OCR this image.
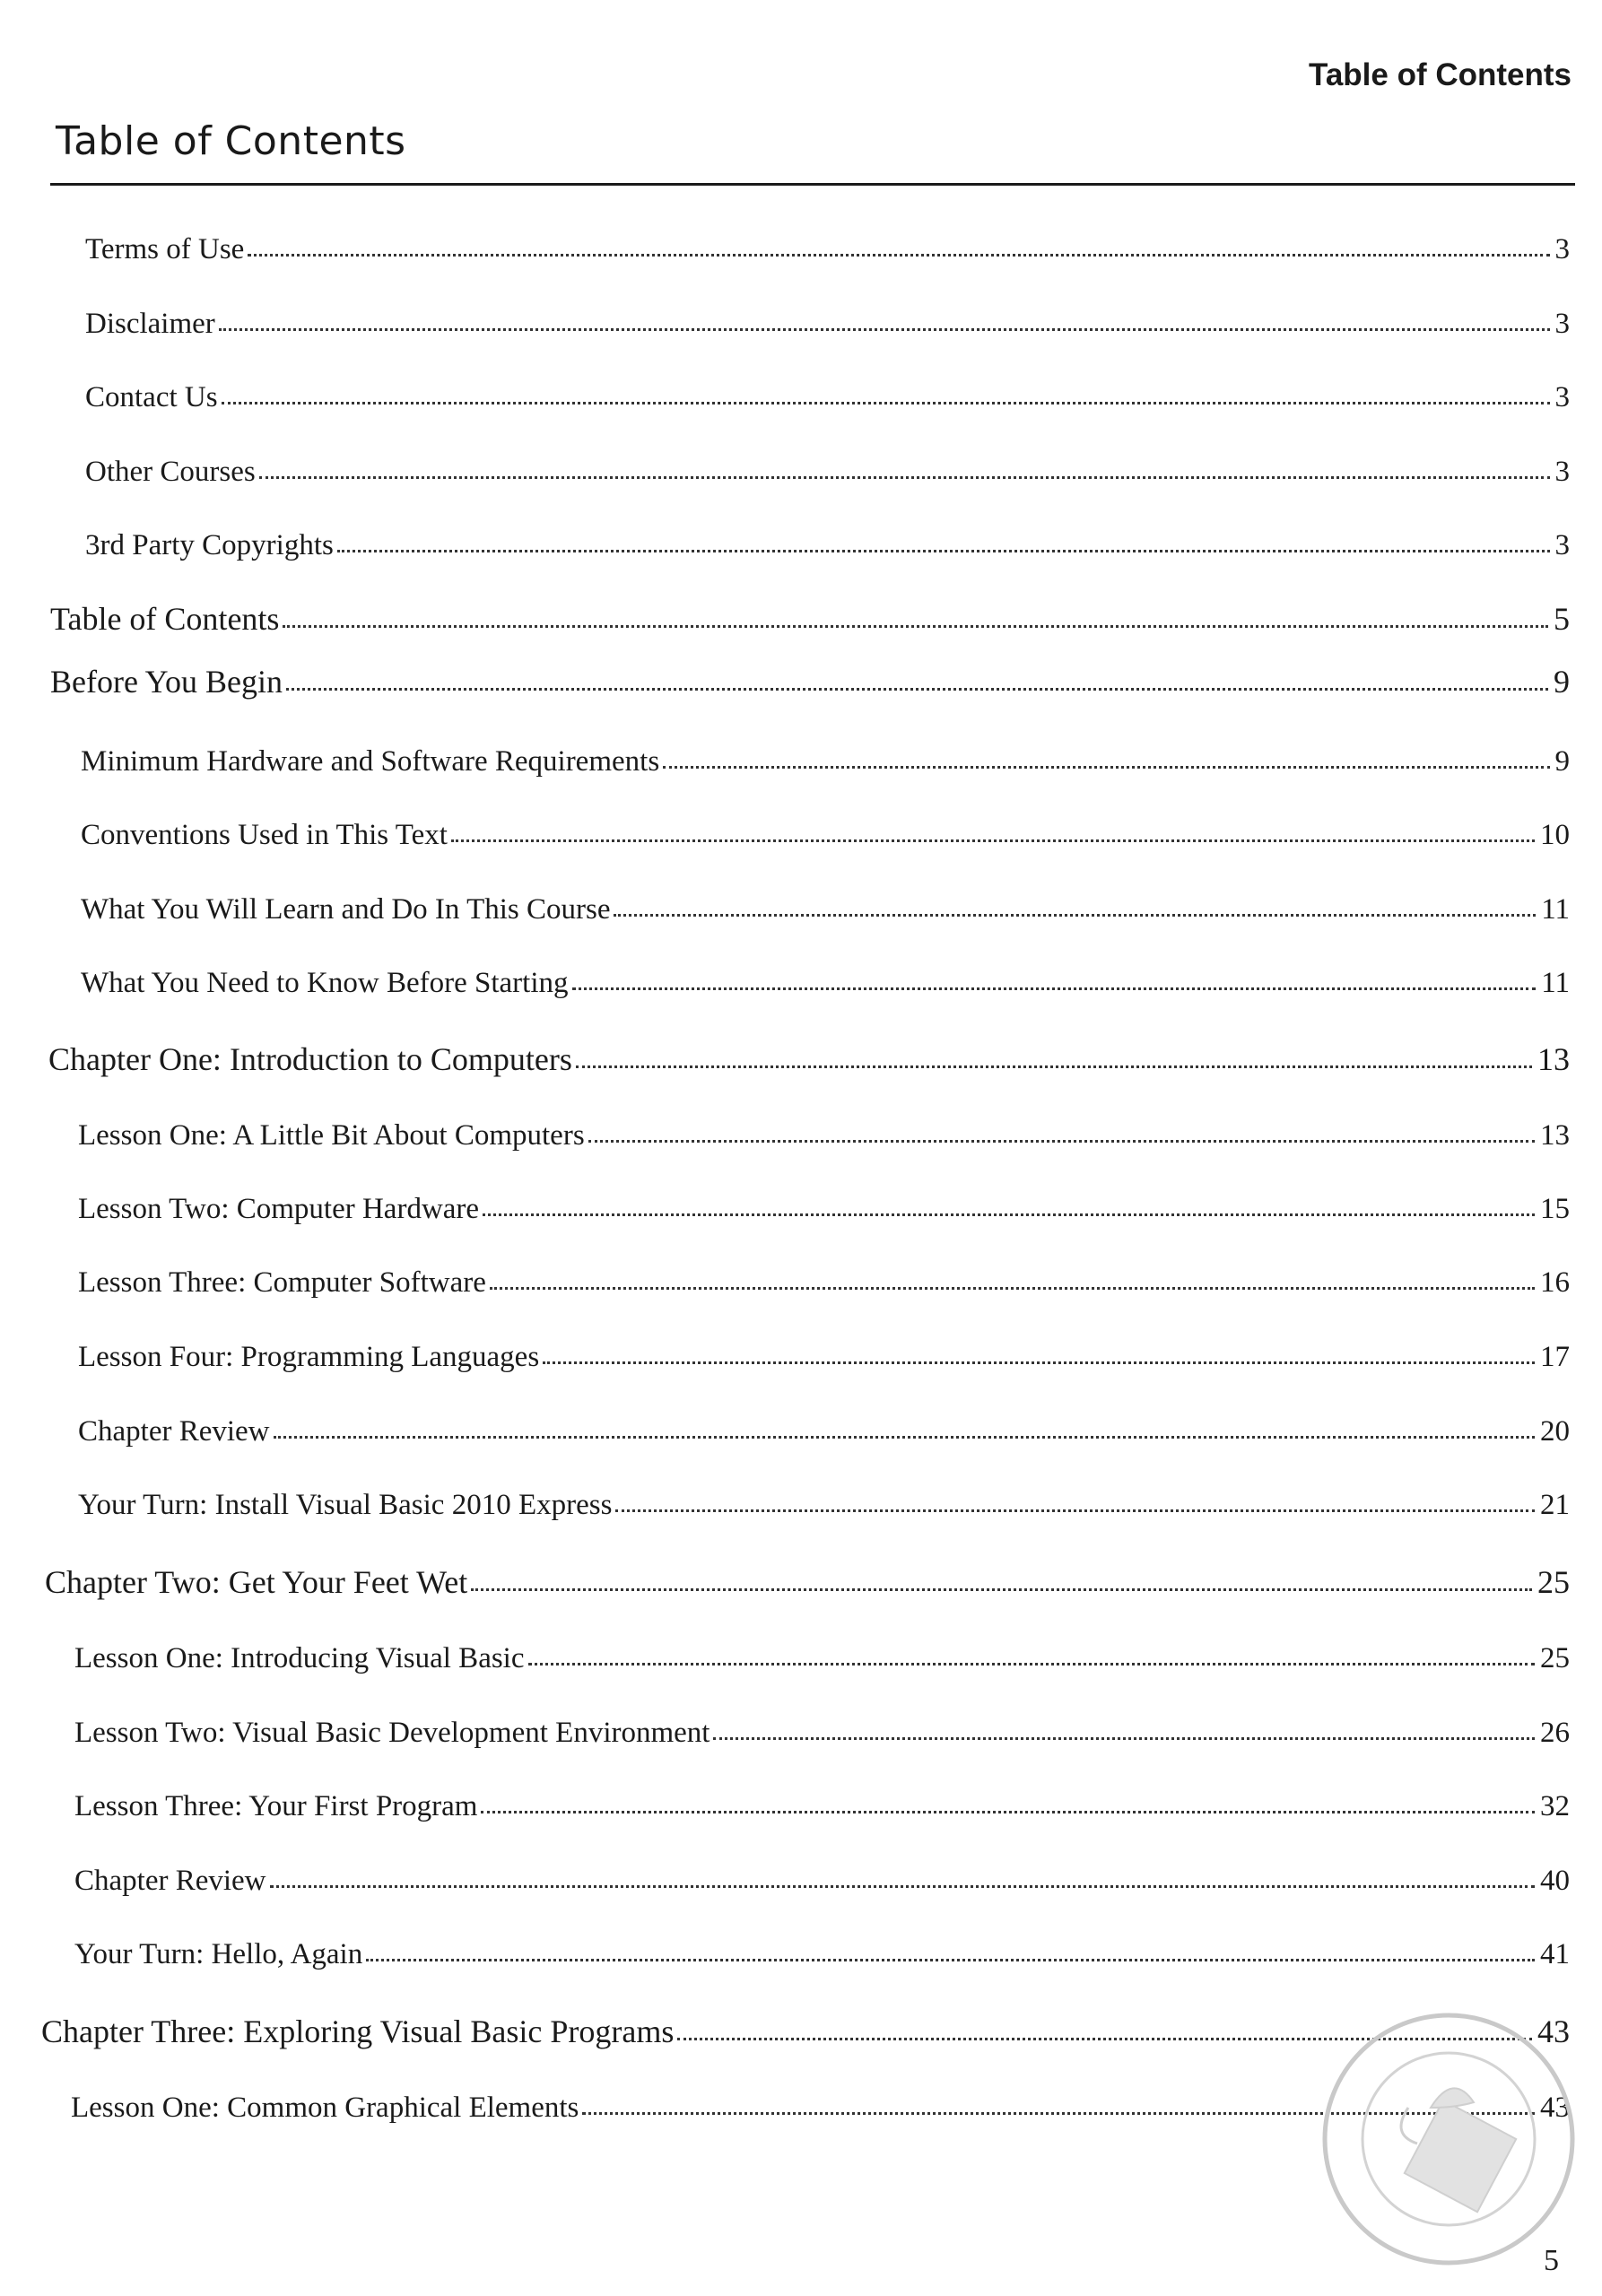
Table of Contents
Table of Contents
Terms of Use	3
Disclaimer	3
Contact Us	3
Other Courses	3
3rd Party Copyrights	3
Table of Contents	5
Before You Begin	9
Minimum Hardware and Software Requirements	9
Conventions Used in This Text	10
What You Will Learn and Do In This Course	11
What You Need to Know Before Starting	11
Chapter One: Introduction to Computers	13
Lesson One: A Little Bit About Computers	13
Lesson Two: Computer Hardware	15
Lesson Three: Computer Software	16
Lesson Four: Programming Languages	17
Chapter Review	20
Your Turn: Install Visual Basic 2010 Express	21
Chapter Two: Get Your Feet Wet	25
Lesson One: Introducing Visual Basic	25
Lesson Two: Visual Basic Development Environment	26
Lesson Three: Your First Program	32
Chapter Review	40
Your Turn: Hello, Again	41
Chapter Three: Exploring Visual Basic Programs	43
Lesson One: Common Graphical Elements	43
5
